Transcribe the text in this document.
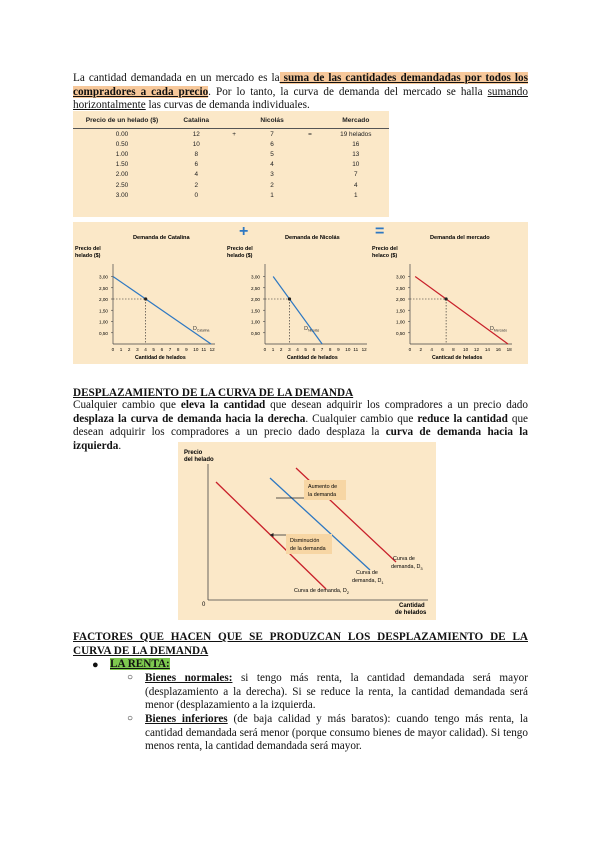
La cantidad demandada en un mercado es la suma de las cantidades demandadas por todos los compradores a cada precio. Por lo tanto, la curva de demanda del mercado se halla sumando horizontalmente las curvas de demanda individuales.
Precio de un helado ($)	Catalina		Nicolás		Mercado
0.00	12	+	7	=	19 helados
0.50	10		6		16
1.00	8		5		13
1.50	6		4		10
2.00	4		3		7
2.50	2		2		4
3.00	0		1		1
+	=
Demanda de Catalina
Precio del
helado ($)
3,00
2,50
2,00
1,50
1,00
0,50
0 1 2 3 4 5 6 7 8 9 10 11 12
Cantidad de helados
$D_{Catalina}$
Demanda de Nicolás
Precio del
helado ($)
3,00
2,50
2,00
1,50
1,00
0,50
0 1 2 3 4 5 6 7 8 9 10 11 12
Cantidad de helados
$D_{Nicolás}$
Demanda del mercado
Precio del
helaco ($)
3,00
2,50
2,00
1,50
1,00
0,50
0 2 4 6 8 10 12 14 16 18
Canticad de helados
$D_{Mercado}$
DESPLAZAMIENTO DE LA CURVA DE LA DEMANDA
Cualquier cambio que eleva la cantidad que desean adquirir los compradores a un precio dado desplaza la curva de demanda hacia la derecha. Cualquier cambio que reduce la cantidad que desean adquirir los compradores a un precio dado desplaza la curva de demanda hacia la izquierda.
Precio
del helado
0	Cantidad
de helados
Aumento de
la demanda
Disminución
de la demanda
Curva de
demanda, $D_3$
Curva de
demanda, $D_1$
Curva de demanda, $D_2$
FACTORES QUE HACEN QUE SE PRODUZCAN LOS DESPLAZAMIENTO DE LA CURVA DE LA DEMANDA
● LA RENTA:
○ Bienes normales: si tengo más renta, la cantidad demandada será mayor (desplazamiento a la derecha). Si se reduce la renta, la cantidad demandada será menor (desplazamiento a la izquierda.
○ Bienes inferiores (de baja calidad y más baratos): cuando tengo más renta, la cantidad demandada será menor (porque consumo bienes de mayor calidad). Si tengo menos renta, la cantidad demandada será mayor.
